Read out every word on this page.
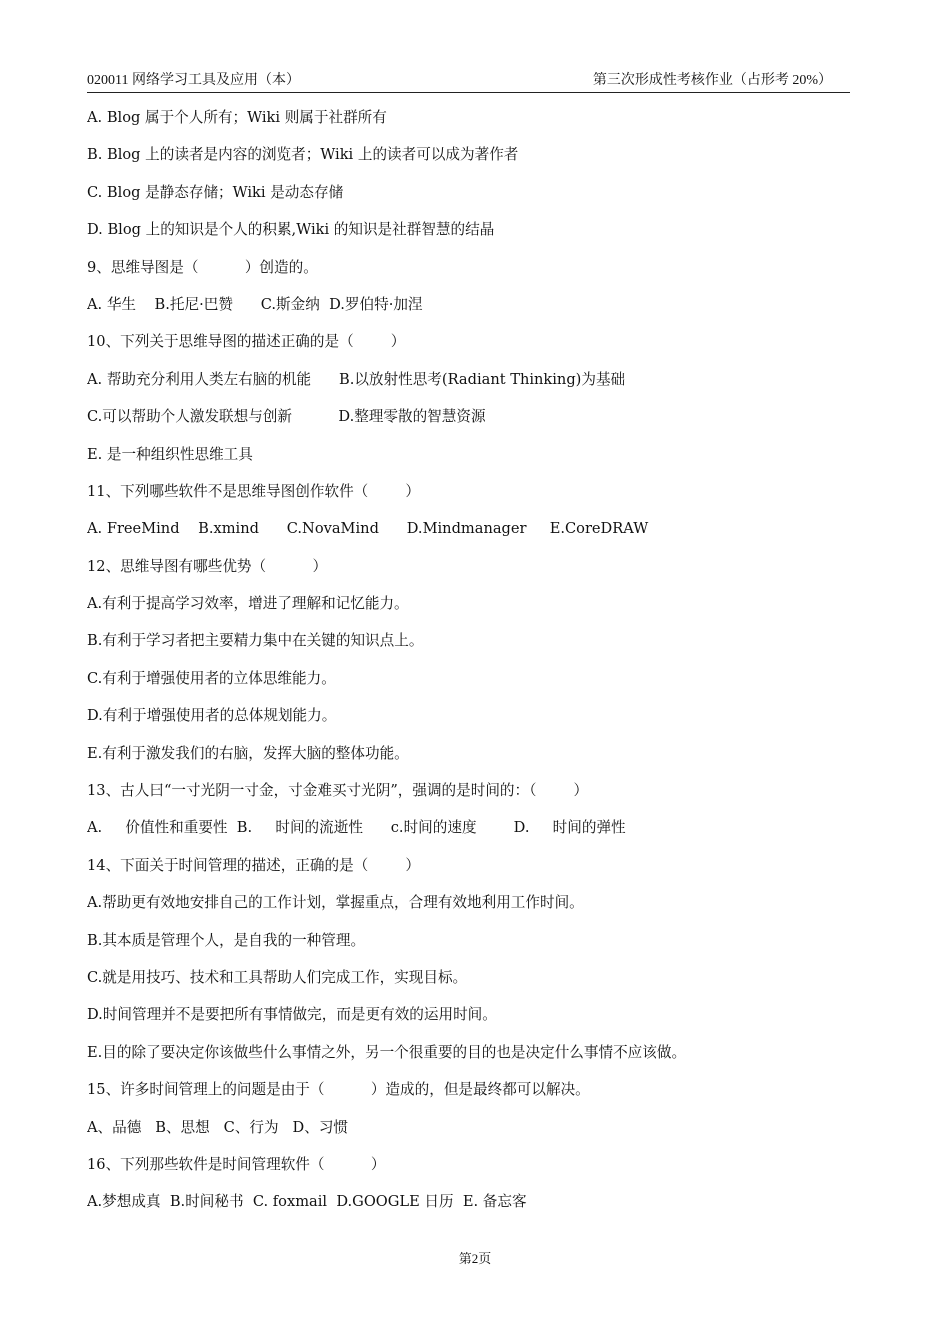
020011 网络学习工具及应用（本）	第三次形成性考核作业（占形考 20%）
A. Blog 属于个人所有；Wiki 则属于社群所有
B. Blog 上的读者是内容的浏览者；Wiki 上的读者可以成为著作者
C. Blog 是静态存储；Wiki 是动态存储
D. Blog 上的知识是个人的积累,Wiki 的知识是社群智慧的结晶
9、思维导图是（          ）创造的。
A. 华生    B.托尼·巴赞      C.斯金纳  D.罗伯特·加涅
10、下列关于思维导图的描述正确的是（        ）
A. 帮助充分利用人类左右脑的机能      B.以放射性思考(Radiant Thinking)为基础
C.可以帮助个人激发联想与创新          D.整理零散的智慧资源
E. 是一种组织性思维工具
11、下列哪些软件不是思维导图创作软件（        ）
A. FreeMind    B.xmind      C.NovaMind      D.Mindmanager     E.CoreDRAW
12、思维导图有哪些优势（          ）
A.有利于提高学习效率，增进了理解和记忆能力。
B.有利于学习者把主要精力集中在关键的知识点上。
C.有利于增强使用者的立体思维能力。
D.有利于增强使用者的总体规划能力。
E.有利于激发我们的右脑，发挥大脑的整体功能。
13、古人曰“一寸光阴一寸金，寸金难买寸光阴”，强调的是时间的：（        ）
A.     价值性和重要性  B.     时间的流逝性      c.时间的速度        D.     时间的弹性
14、下面关于时间管理的描述，正确的是（        ）
A.帮助更有效地安排自己的工作计划，掌握重点，合理有效地利用工作时间。
B.其本质是管理个人，是自我的一种管理。
C.就是用技巧、技术和工具帮助人们完成工作，实现目标。
D.时间管理并不是要把所有事情做完，而是更有效的运用时间。
E.目的除了要决定你该做些什么事情之外，另一个很重要的目的也是决定什么事情不应该做。
15、许多时间管理上的问题是由于（          ）造成的，但是最终都可以解决。
A、品德   B、思想   C、行为   D、习惯
16、下列那些软件是时间管理软件（          ）
A.梦想成真  B.时间秘书  C. foxmail  D.GOOGLE 日历  E. 备忘客
第2页
